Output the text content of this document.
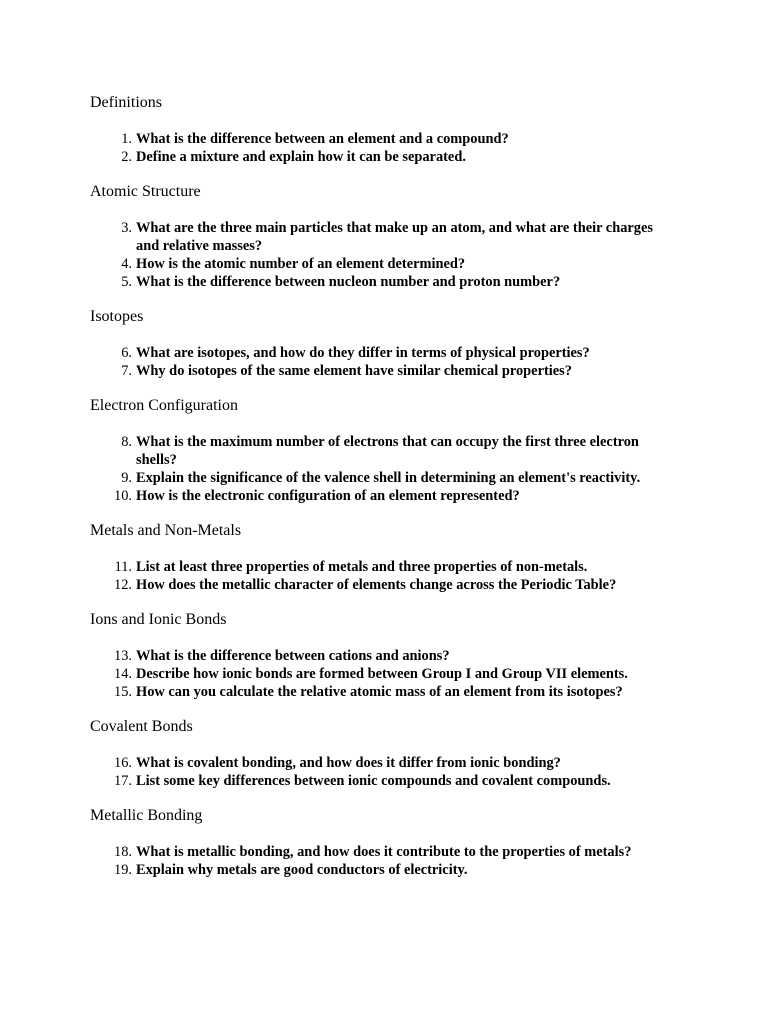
Definitions
1. What is the difference between an element and a compound?
2. Define a mixture and explain how it can be separated.
Atomic Structure
3. What are the three main particles that make up an atom, and what are their charges and relative masses?
4. How is the atomic number of an element determined?
5. What is the difference between nucleon number and proton number?
Isotopes
6. What are isotopes, and how do they differ in terms of physical properties?
7. Why do isotopes of the same element have similar chemical properties?
Electron Configuration
8. What is the maximum number of electrons that can occupy the first three electron shells?
9. Explain the significance of the valence shell in determining an element's reactivity.
10. How is the electronic configuration of an element represented?
Metals and Non-Metals
11. List at least three properties of metals and three properties of non-metals.
12. How does the metallic character of elements change across the Periodic Table?
Ions and Ionic Bonds
13. What is the difference between cations and anions?
14. Describe how ionic bonds are formed between Group I and Group VII elements.
15. How can you calculate the relative atomic mass of an element from its isotopes?
Covalent Bonds
16. What is covalent bonding, and how does it differ from ionic bonding?
17. List some key differences between ionic compounds and covalent compounds.
Metallic Bonding
18. What is metallic bonding, and how does it contribute to the properties of metals?
19. Explain why metals are good conductors of electricity.
